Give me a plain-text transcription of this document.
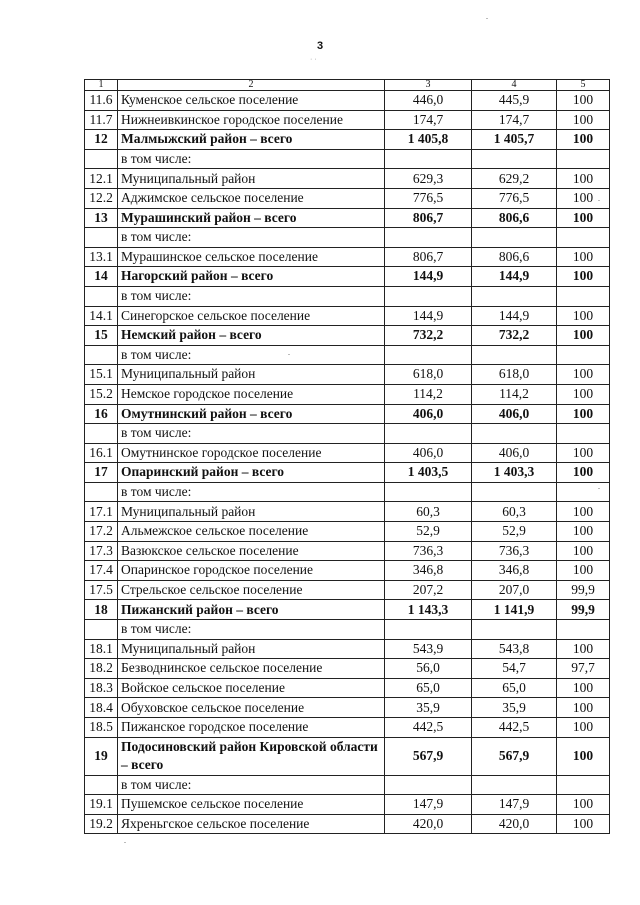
3
· ·
1	2	3	4	5
11.6	Куменское сельское поселение	446,0	445,9	100
11.7	Нижнеивкинское городское поселение	174,7	174,7	100
12	Малмыжский район – всего	1 405,8	1 405,7	100
	в том числе:			
12.1	Муниципальный район	629,3	629,2	100
12.2	Аджимское сельское поселение	776,5	776,5	100
13	Мурашинский район – всего	806,7	806,6	100
	в том числе:			
13.1	Мурашинское сельское поселение	806,7	806,6	100
14	Нагорский район – всего	144,9	144,9	100
	в том числе:			
14.1	Синегорское сельское поселение	144,9	144,9	100
15	Немский район – всего	732,2	732,2	100
	в том числе:			
15.1	Муниципальный район	618,0	618,0	100
15.2	Немское городское поселение	114,2	114,2	100
16	Омутнинский район – всего	406,0	406,0	100
	в том числе:			
16.1	Омутнинское городское поселение	406,0	406,0	100
17	Опаринский район – всего	1 403,5	1 403,3	100
	в том числе:			
17.1	Муниципальный район	60,3	60,3	100
17.2	Альмежское сельское поселение	52,9	52,9	100
17.3	Вазюкское сельское поселение	736,3	736,3	100
17.4	Опаринское городское поселение	346,8	346,8	100
17.5	Стрельское сельское поселение	207,2	207,0	99,9
18	Пижанский район – всего	1 143,3	1 141,9	99,9
	в том числе:			
18.1	Муниципальный район	543,9	543,8	100
18.2	Безводнинское сельское поселение	56,0	54,7	97,7
18.3	Войское сельское поселение	65,0	65,0	100
18.4	Обуховское сельское поселение	35,9	35,9	100
18.5	Пижанское городское поселение	442,5	442,5	100
19	Подосиновский район Кировской области – всего	567,9	567,9	100
	в том числе:			
19.1	Пушемское сельское поселение	147,9	147,9	100
19.2	Яхреньгское сельское поселение	420,0	420,0	100
